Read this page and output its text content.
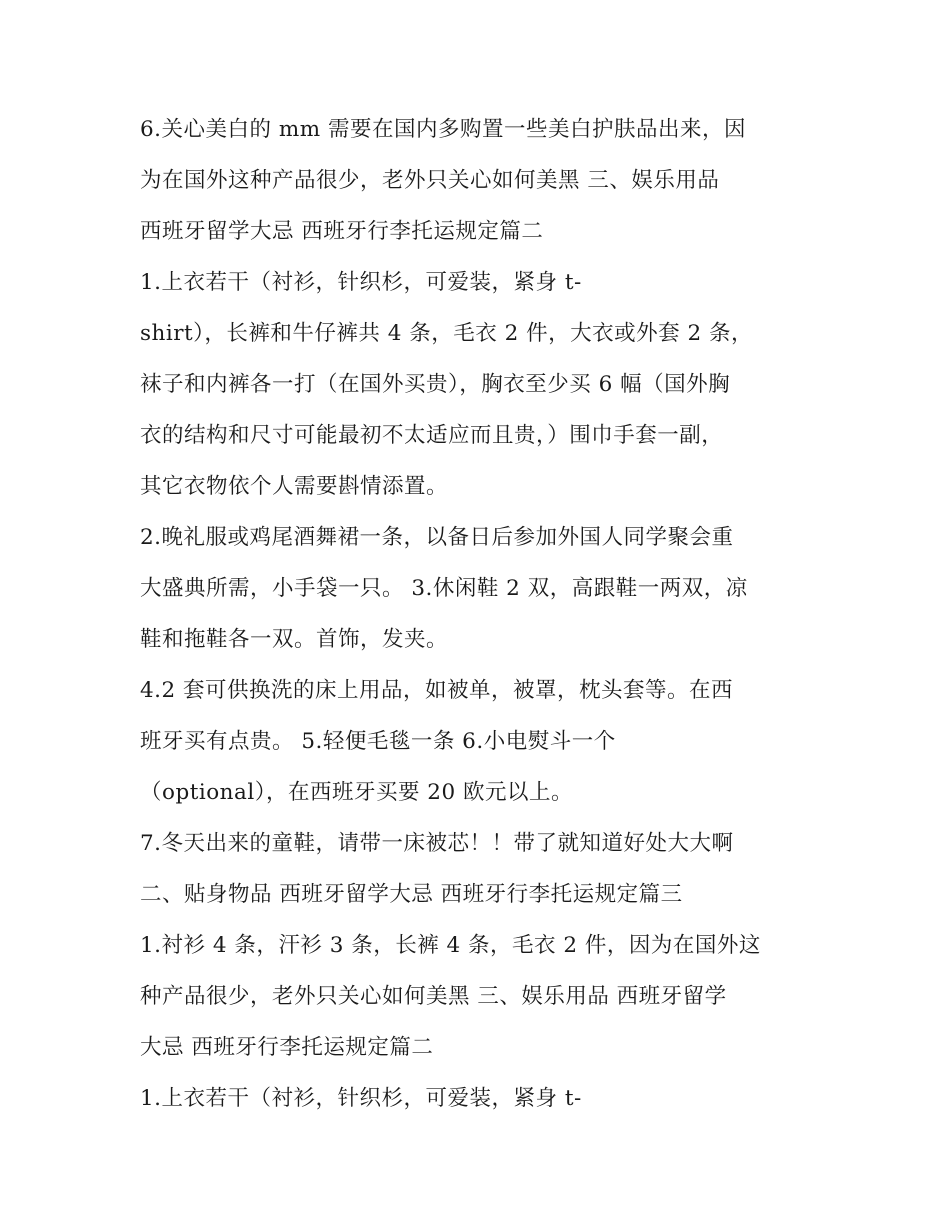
6.关心美白的 mm 需要在国内多购置一些美白护肤品出来，因
为在国外这种产品很少，老外只关心如何美黑 三、娱乐用品
西班牙留学大忌 西班牙行李托运规定篇二
1.上衣若干（衬衫，针织杉，可爱装，紧身 t-
shirt），长裤和牛仔裤共 4 条，毛衣 2 件，大衣或外套 2 条，
袜子和内裤各一打（在国外买贵），胸衣至少买 6 幅（国外胸
衣的结构和尺寸可能最初不太适应而且贵，）围巾手套一副，
其它衣物依个人需要斟情添置。
2.晚礼服或鸡尾酒舞裙一条，以备日后参加外国人同学聚会重
大盛典所需，小手袋一只。 3.休闲鞋 2 双，高跟鞋一两双，凉
鞋和拖鞋各一双。首饰，发夹。
4.2 套可供换洗的床上用品，如被单，被罩，枕头套等。在西
班牙买有点贵。 5.轻便毛毯一条 6.小电熨斗一个
（optional），在西班牙买要 20 欧元以上。
7.冬天出来的童鞋，请带一床被芯！！带了就知道好处大大啊
二、贴身物品 西班牙留学大忌 西班牙行李托运规定篇三
1.衬衫 4 条，汗衫 3 条，长裤 4 条，毛衣 2 件，因为在国外这
种产品很少，老外只关心如何美黑 三、娱乐用品 西班牙留学
大忌 西班牙行李托运规定篇二
1.上衣若干（衬衫，针织杉，可爱装，紧身 t-
